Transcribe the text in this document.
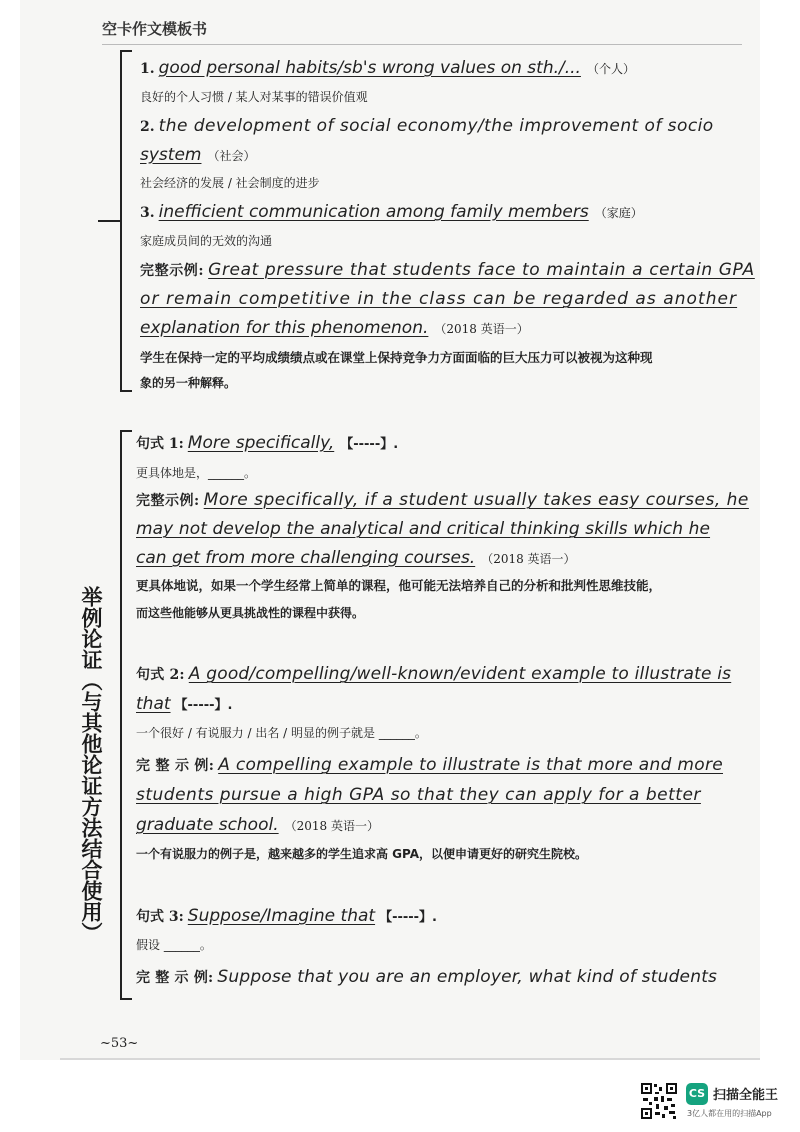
空卡作文模板书
1. good personal habits/sb's wrong values on sth./... （个人）
良好的个人习惯 / 某人对某事的错误价值观
2. the development of social economy/the improvement of socio
system （社会）
社会经济的发展 / 社会制度的进步
3. inefficient communication among family members （家庭）
家庭成员间的无效的沟通
完整示例: Great pressure that students face to maintain a certain GPA
or remain competitive in the class can be regarded as another
explanation for this phenomenon. （2018 英语一）
学生在保持一定的平均成绩绩点或在课堂上保持竞争力方面面临的巨大压力可以被视为这种现
象的另一种解释。
举例论证（与其他论证方法结合使用）
句式 1: More specifically, 【-----】.
更具体地是，______。
完整示例: More specifically, if a student usually takes easy courses, he
may not develop the analytical and critical thinking skills which he
can get from more challenging courses. （2018 英语一）
更具体地说，如果一个学生经常上简单的课程，他可能无法培养自己的分析和批判性思维技能，
而这些他能够从更具挑战性的课程中获得。
句式 2: A good/compelling/well-known/evident example to illustrate is
that 【-----】.
一个很好 / 有说服力 / 出名 / 明显的例子就是 ______。
完 整 示 例: A compelling example to illustrate is that more and more
students pursue a high GPA so that they can apply for a better
graduate school. （2018 英语一）
一个有说服力的例子是，越来越多的学生追求高 GPA，以便申请更好的研究生院校。
句式 3: Suppose/Imagine that 【-----】.
假设 ______。
完 整 示 例: Suppose that you are an employer, what kind of students
~53~
CS 扫描全能王
3亿人都在用的扫描App
